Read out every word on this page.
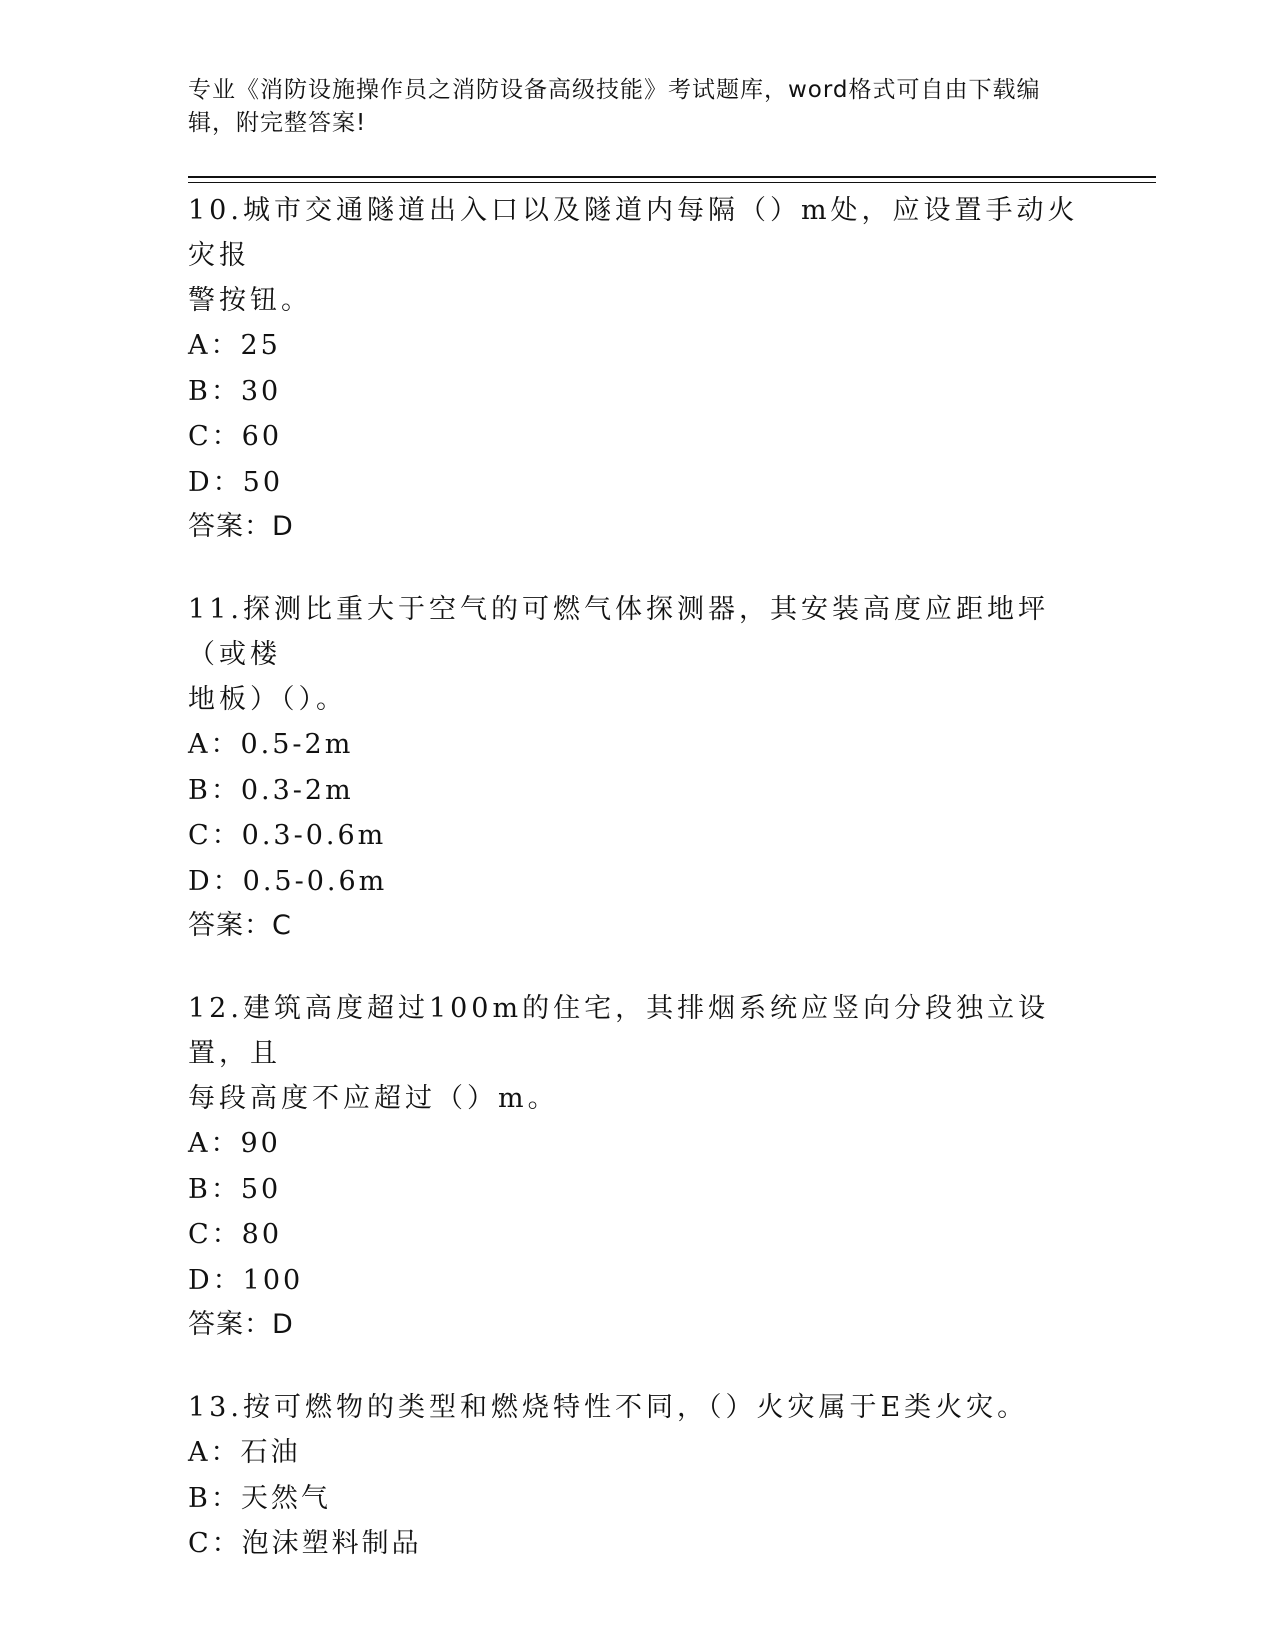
专业《消防设施操作员之消防设备高级技能》考试题库，word格式可自由下载编
辑，附完整答案!
10.城市交通隧道出入口以及隧道内每隔（）m处，应设置手动火灾报
警按钮。
A：25
B：30
C：60
D：50
答案：D
11.探测比重大于空气的可燃气体探测器，其安装高度应距地坪（或楼
地板）（）。
A：0.5-2m
B：0.3-2m
C：0.3-0.6m
D：0.5-0.6m
答案：C
12.建筑高度超过100m的住宅，其排烟系统应竖向分段独立设置，且
每段高度不应超过（）m。
A：90
B：50
C：80
D：100
答案：D
13.按可燃物的类型和燃烧特性不同，（）火灾属于E类火灾。
A：石油
B：天然气
C：泡沫塑料制品
